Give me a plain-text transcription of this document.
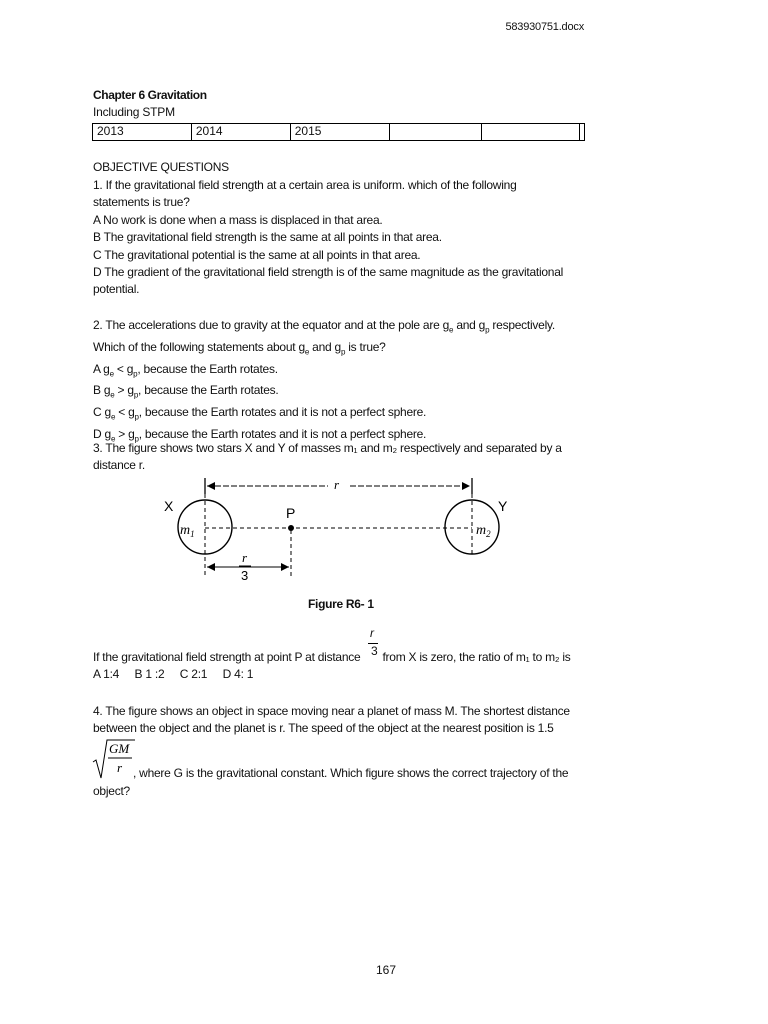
583930751.docx
Chapter 6 Gravitation
Including STPM
2013	2014	2015			
OBJECTIVE QUESTIONS
1. If the gravitational field strength at a certain area is uniform. which of the following
statements is true?
A No work is done when a mass is displaced in that area.
B The gravitational field strength is the same at all points in that area.
C The gravitational potential is the same at all points in that area.
D The gradient of the gravitational field strength is of the same magnitude as the gravitational
potential.
2. The accelerations due to gravity at the equator and at the pole are $g_e$ and $g_p$ respectively.
Which of the following statements about $g_e$ and $g_p$ is true?
A $g_e < g_p$, because the Earth rotates.
B $g_e > g_p$, because the Earth rotates.
C $g_e < g_p$, because the Earth rotates and it is not a perfect sphere.
D $g_e > g_p$, because the Earth rotates and it is not a perfect sphere.
3. The figure shows two stars X and Y of masses m₁ and m₂ respectively and separated by a
distance r.
r
X	Y
P
$m_1$	$m_2$
r
3
Figure R6- 1
r
3
If the gravitational field strength at point P at distance from X is zero, the ratio of m₁ to m₂ is
A 1:4     B 1 :2     C 2:1     D 4: 1
4. The figure shows an object in space moving near a planet of mass M. The shortest distance
between the object and the planet is r. The speed of the object at the nearest position is 1.5
GM
r , where G is the gravitational constant. Which figure shows the correct trajectory of the
object?
167
